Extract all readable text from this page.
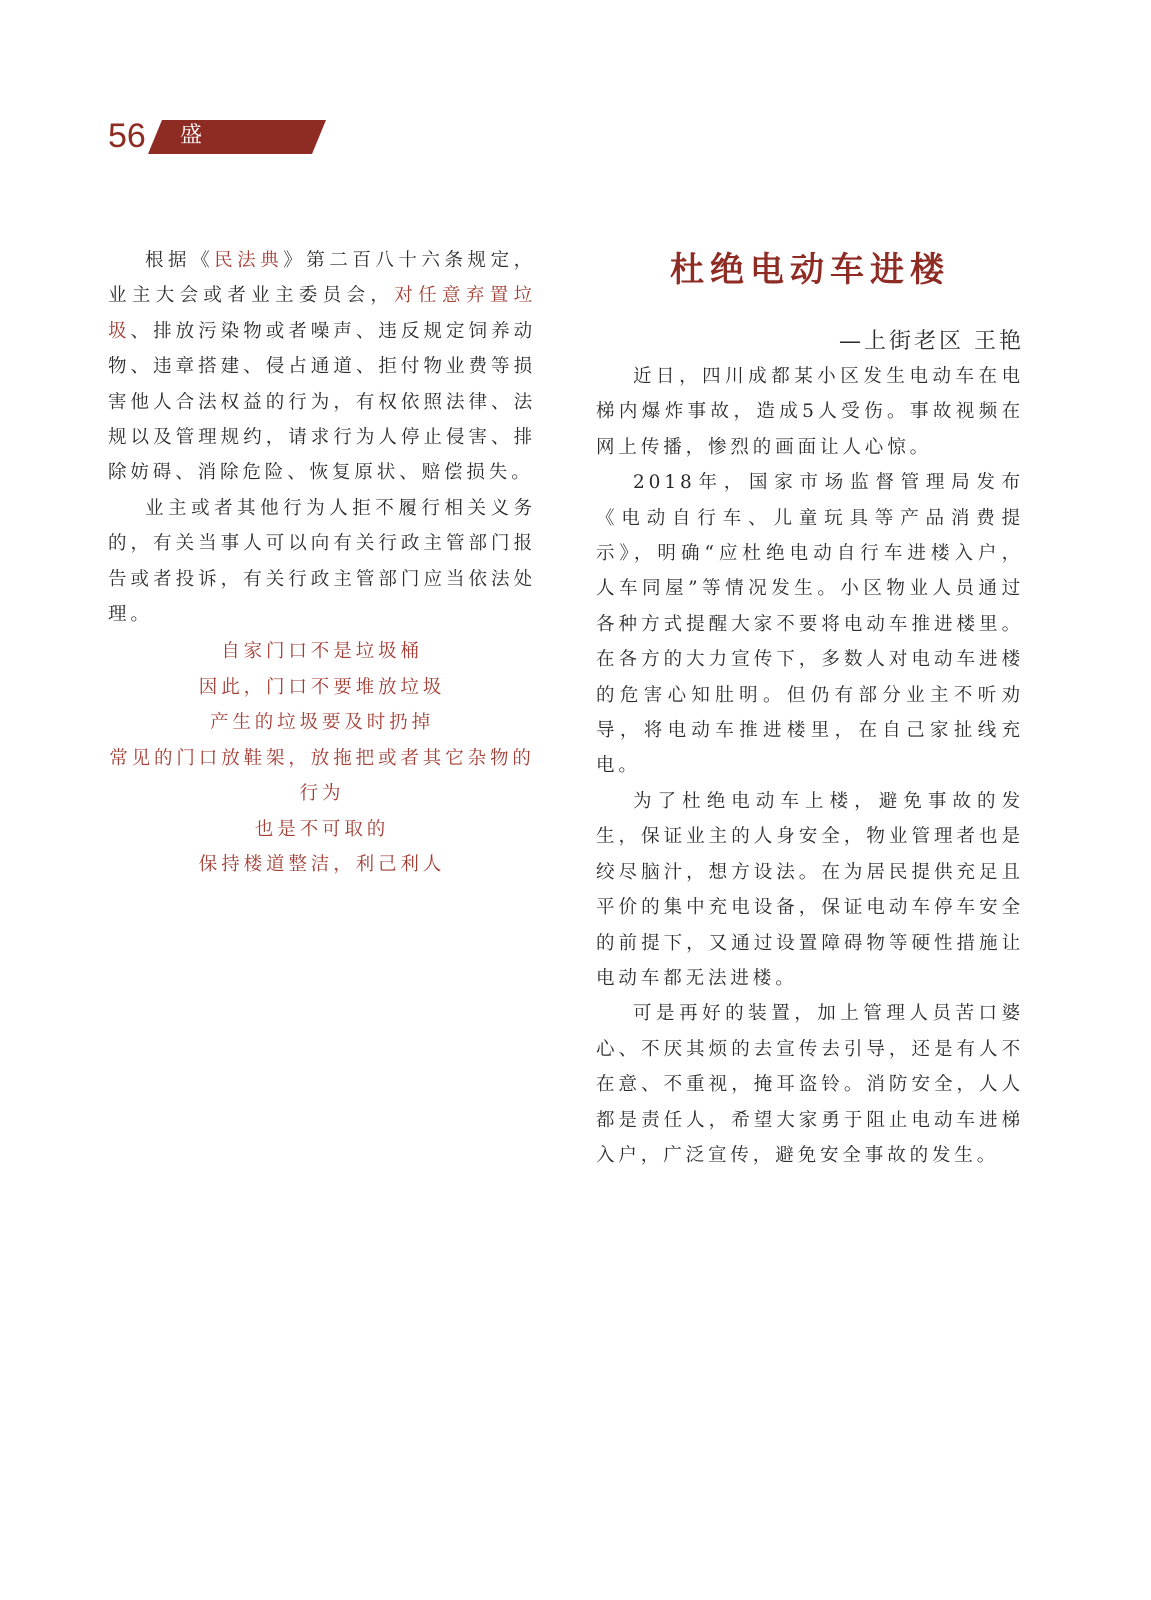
56 盛世物业

根据《民法典》第二百八十六条规定，业主大会或者业主委员会，对任意弃置垃圾、排放污染物或者噪声、违反规定饲养动物、违章搭建、侵占通道、拒付物业费等损害他人合法权益的行为，有权依照法律、法规以及管理规约，请求行为人停止侵害、排除妨碍、消除危险、恢复原状、赔偿损失。

业主或者其他行为人拒不履行相关义务的，有关当事人可以向有关行政主管部门报告或者投诉，有关行政主管部门应当依法处理。

自家门口不是垃圾桶
因此，门口不要堆放垃圾
产生的垃圾要及时扔掉
常见的门口放鞋架，放拖把或者其它杂物的行为
也是不可取的
保持楼道整洁，利己利人
杜绝电动车进楼
—上街老区 王艳

近日，四川成都某小区发生电动车在电梯内爆炸事故，造成5人受伤。事故视频在网上传播，惨烈的画面让人心惊。

2018年，国家市场监督管理局发布《电动自行车、儿童玩具等产品消费提示》，明确“应杜绝电动自行车进楼入户，人车同屋”等情况发生。小区物业人员通过各种方式提醒大家不要将电动车推进楼里。在各方的大力宣传下，多数人对电动车进楼的危害心知肚明。但仍有部分业主不听劝导，将电动车推进楼里，在自己家扯线充电。

为了杜绝电动车上楼，避免事故的发生，保证业主的人身安全，物业管理者也是绞尽脑汁，想方设法。在为居民提供充足且平价的集中充电设备，保证电动车停车安全的前提下，又通过设置障碍物等硬性措施让电动车都无法进楼。

可是再好的装置，加上管理人员苦口婆心、不厌其烦的去宣传去引导，还是有人不在意、不重视，掩耳盗铃。消防安全，人人都是责任人，希望大家勇于阻止电动车进梯入户，广泛宣传，避免安全事故的发生。
